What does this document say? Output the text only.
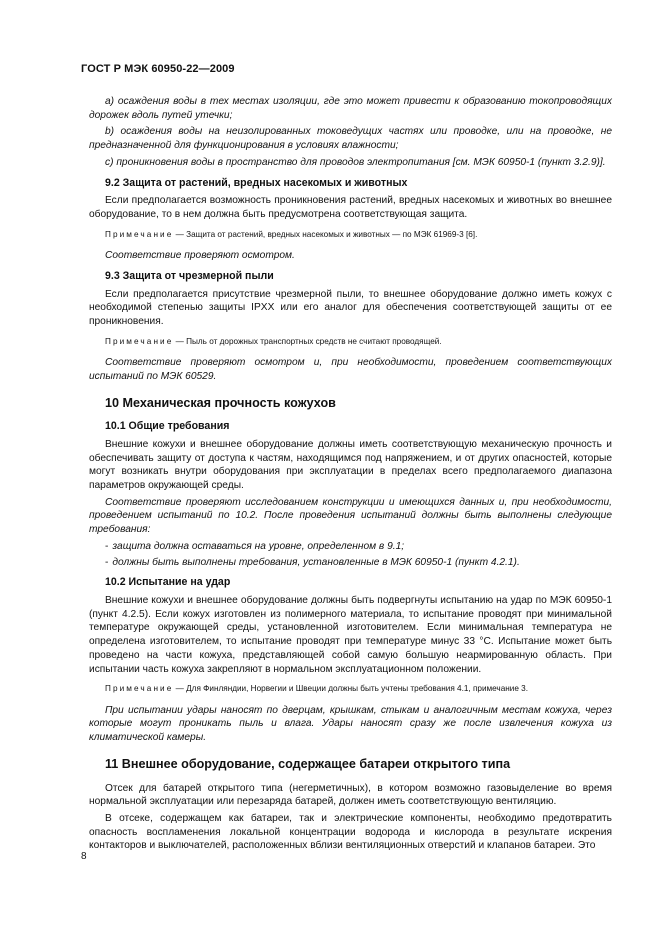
ГОСТ Р МЭК 60950-22—2009
a) осаждения воды в тех местах изоляции, где это может привести к образованию токопроводящих дорожек вдоль путей утечки;
b) осаждения воды на неизолированных токоведущих частях или проводке, или на проводке, не предназначенной для функционирования в условиях влажности;
c) проникновения воды в пространство для проводов электропитания [см. МЭК 60950-1 (пункт 3.2.9)].
9.2 Защита от растений, вредных насекомых и животных
Если предполагается возможность проникновения растений, вредных насекомых и животных во внешнее оборудование, то в нем должна быть предусмотрена соответствующая защита.
Примечание — Защита от растений, вредных насекомых и животных — по МЭК 61969-3 [6].
Соответствие проверяют осмотром.
9.3 Защита от чрезмерной пыли
Если предполагается присутствие чрезмерной пыли, то внешнее оборудование должно иметь кожух с необходимой степенью защиты IPXX или его аналог для обеспечения соответствующей защиты от ее проникновения.
Примечание — Пыль от дорожных транспортных средств не считают проводящей.
Соответствие проверяют осмотром и, при необходимости, проведением соответствующих испытаний по МЭК 60529.
10 Механическая прочность кожухов
10.1 Общие требования
Внешние кожухи и внешнее оборудование должны иметь соответствующую механическую прочность и обеспечивать защиту от доступа к частям, находящимся под напряжением, и от других опасностей, которые могут возникать внутри оборудования при эксплуатации в пределах всего предполагаемого диапазона параметров окружающей среды.
Соответствие проверяют исследованием конструкции и имеющихся данных и, при необходимости, проведением испытаний по 10.2. После проведения испытаний должны быть выполнены следующие требования:
- защита должна оставаться на уровне, определенном в 9.1;
- должны быть выполнены требования, установленные в МЭК 60950-1 (пункт 4.2.1).
10.2 Испытание на удар
Внешние кожухи и внешнее оборудование должны быть подвергнуты испытанию на удар по МЭК 60950-1 (пункт 4.2.5). Если кожух изготовлен из полимерного материала, то испытание проводят при минимальной температуре окружающей среды, установленной изготовителем. Если минимальная температура не определена изготовителем, то испытание проводят при температуре минус 33 °С. Испытание может быть проведено на части кожуха, представляющей собой самую большую неармированную область. При испытании часть кожуха закрепляют в нормальном эксплуатационном положении.
Примечание — Для Финляндии, Норвегии и Швеции должны быть учтены требования 4.1, примечание 3.
При испытании удары наносят по дверцам, крышкам, стыкам и аналогичным местам кожуха, через которые могут проникать пыль и влага. Удары наносят сразу же после извлечения кожуха из климатической камеры.
11 Внешнее оборудование, содержащее батареи открытого типа
Отсек для батарей открытого типа (негерметичных), в котором возможно газовыделение во время нормальной эксплуатации или перезаряда батарей, должен иметь соответствующую вентиляцию.
В отсеке, содержащем как батареи, так и электрические компоненты, необходимо предотвратить опасность воспламенения локальной концентрации водорода и кислорода в результате искрения контакторов и выключателей, расположенных вблизи вентиляционных отверстий и клапанов батареи. Это
8
